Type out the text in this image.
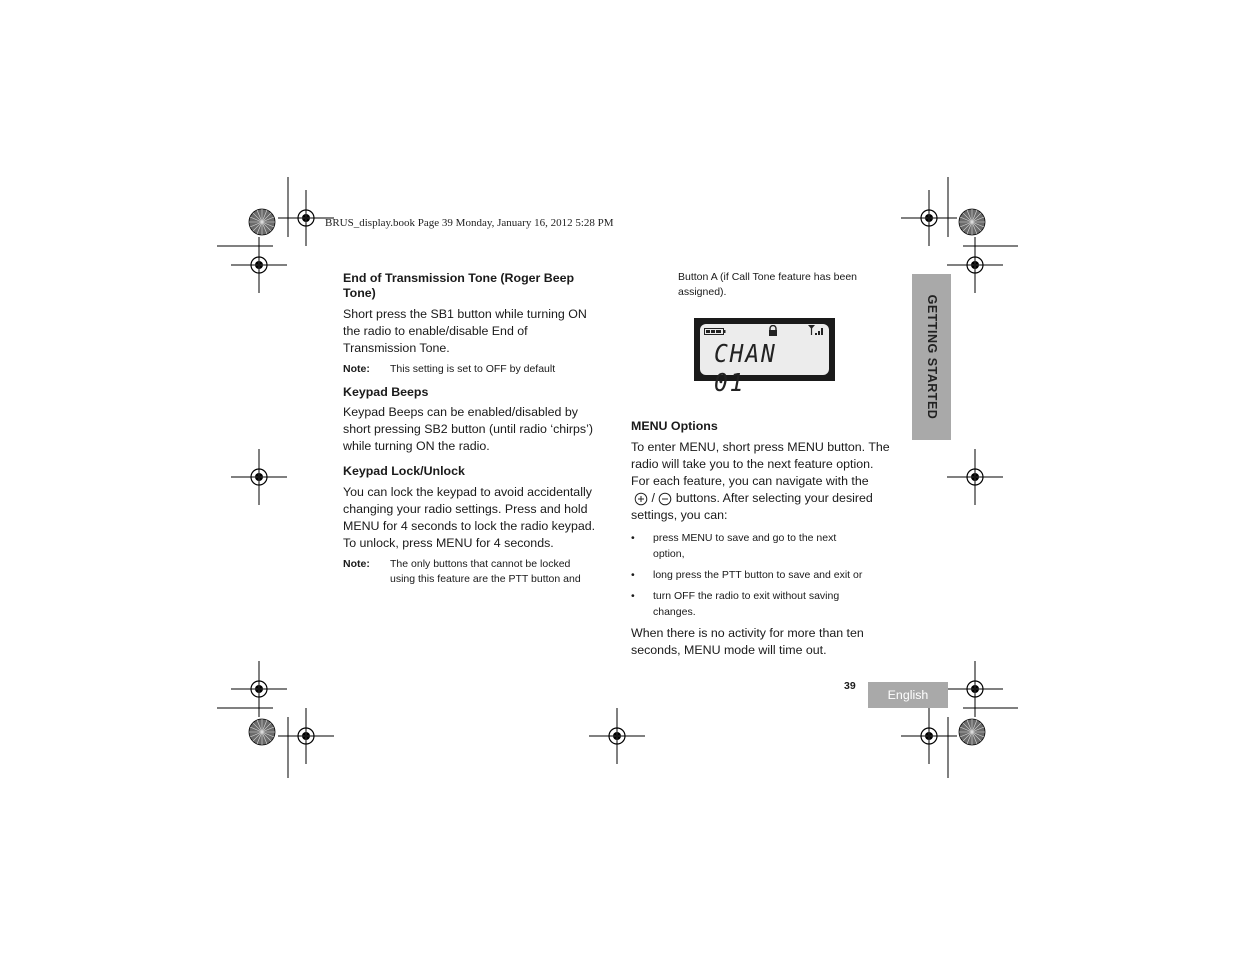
BRUS_display.book Page 39 Monday, January 16, 2012 5:28 PM
End of Transmission Tone (Roger Beep Tone)
Short press the SB1 button while turning ON the radio to enable/disable End of Transmission Tone.
Note: This setting is set to OFF by default
Keypad Beeps
Keypad Beeps can be enabled/disabled by short pressing SB2 button (until radio ‘chirps’) while turning ON the radio.
Keypad Lock/Unlock
You can lock the keypad to avoid accidentally changing your radio settings. Press and hold MENU for 4 seconds to lock the radio keypad. To unlock, press MENU for 4 seconds.
Note: The only buttons that cannot be locked using this feature are the PTT button and
Button A (if Call Tone feature has been assigned).
CHAN 01
MENU Options
To enter MENU, short press MENU button. The radio will take you to the next feature option. For each feature, you can navigate with the
/ buttons. After selecting your desired settings, you can:
• press MENU to save and go to the next option,
• long press the PTT button to save and exit or
• turn OFF the radio to exit without saving changes.
When there is no activity for more than ten seconds, MENU mode will time out.
GETTING STARTED
39
English
